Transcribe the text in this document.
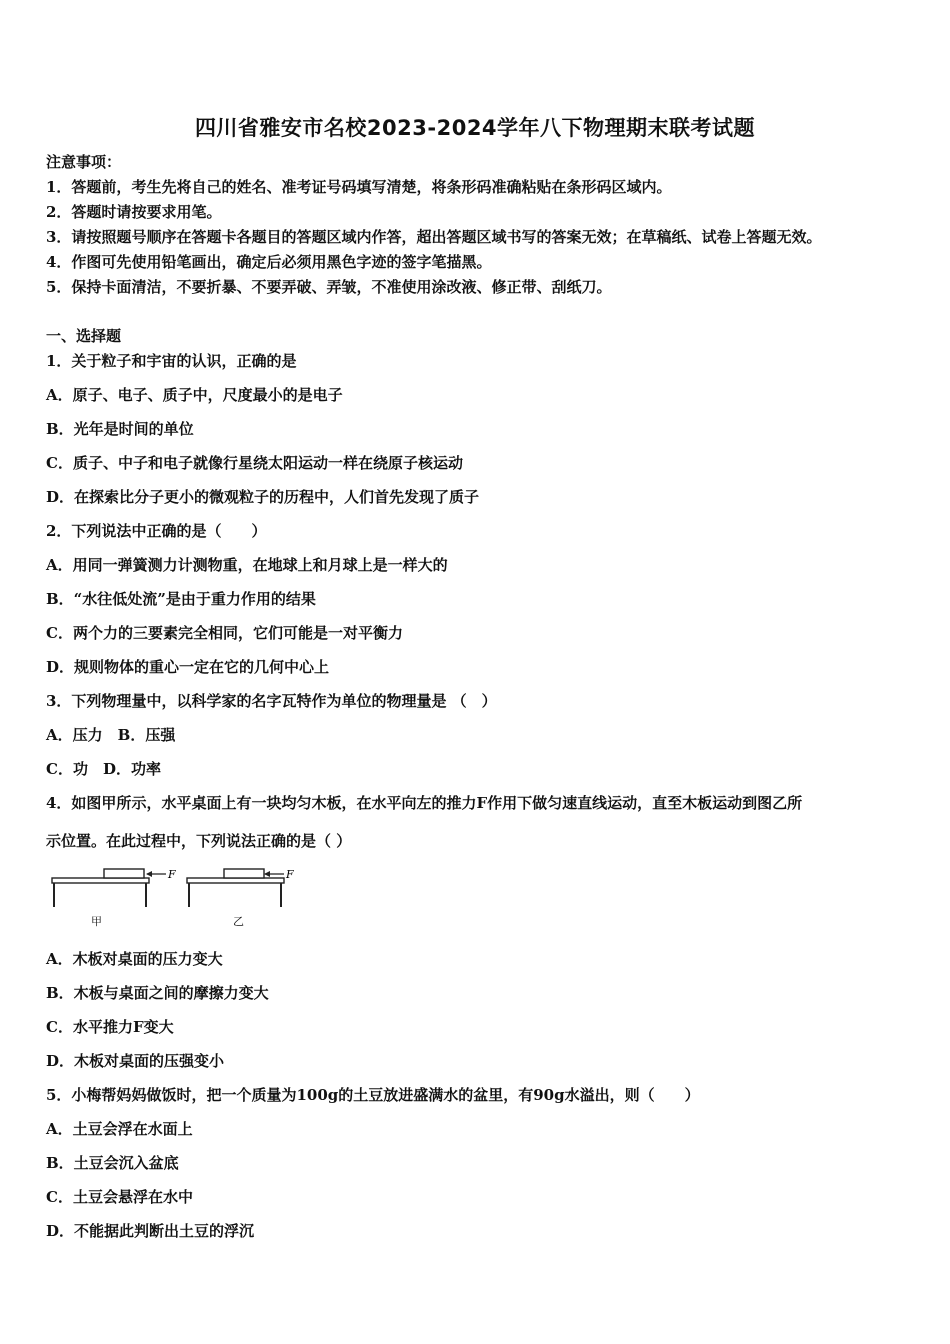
四川省雅安市名校2023-2024学年八下物理期末联考试题
注意事项：
1．答题前，考生先将自己的姓名、准考证号码填写清楚，将条形码准确粘贴在条形码区域内。
2．答题时请按要求用笔。
3．请按照题号顺序在答题卡各题目的答题区域内作答，超出答题区域书写的答案无效；在草稿纸、试卷上答题无效。
4．作图可先使用铅笔画出，确定后必须用黑色字迹的签字笔描黑。
5．保持卡面清洁，不要折暴、不要弄破、弄皱，不准使用涂改液、修正带、刮纸刀。
一、选择题
1．关于粒子和宇宙的认识，正确的是
A．原子、电子、质子中，尺度最小的是电子
B．光年是时间的单位
C．质子、中子和电子就像行星绕太阳运动一样在绕原子核运动
D．在探索比分子更小的微观粒子的历程中，人们首先发现了质子
2．下列说法中正确的是（　　）
A．用同一弹簧测力计测物重，在地球上和月球上是一样大的
B．“水往低处流”是由于重力作用的结果
C．两个力的三要素完全相同，它们可能是一对平衡力
D．规则物体的重心一定在它的几何中心上
3．下列物理量中，以科学家的名字瓦特作为单位的物理量是 （　）
A．压力　B．压强
C．功　D．功率
4．如图甲所示，水平桌面上有一块均匀木板，在水平向左的推力F作用下做匀速直线运动，直至木板运动到图乙所
示位置。在此过程中，下列说法正确的是（ ）
F	F
甲	乙
A．木板对桌面的压力变大
B．木板与桌面之间的摩擦力变大
C．水平推力F变大
D．木板对桌面的压强变小
5．小梅帮妈妈做饭时，把一个质量为100g的土豆放进盛满水的盆里，有90g水溢出，则（　　）
A．土豆会浮在水面上
B．土豆会沉入盆底
C．土豆会悬浮在水中
D．不能据此判断出土豆的浮沉
